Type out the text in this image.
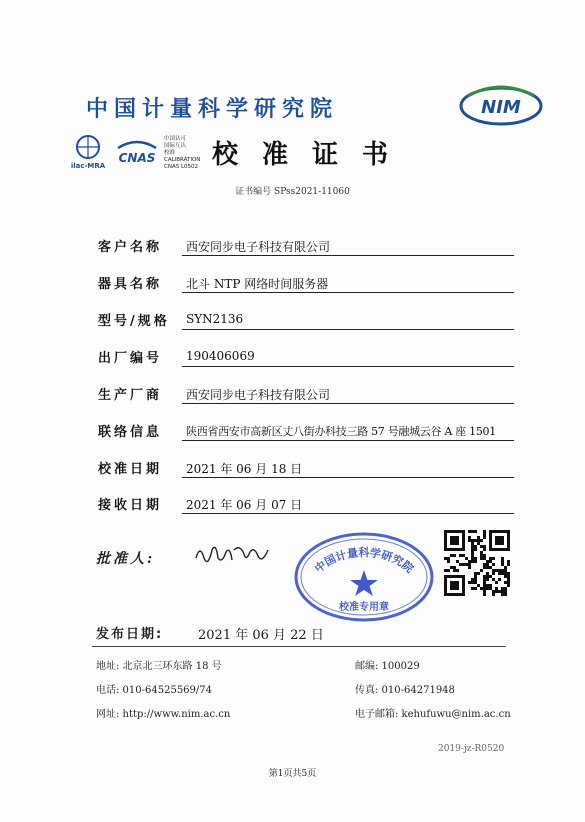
中国计量科学研究院	NIM
ilac-MRA
CNAS
中国认可
国际互认
校准
CALIBRATION
CNAS L0502 校准证书
证书编号 SPss2021-11060
客户名称 西安同步电子科技有限公司
器具名称 北斗 NTP 网络时间服务器
型号/规格 SYN2136
出厂编号 190406069
生产厂商 西安同步电子科技有限公司
联络信息 陕西省西安市高新区丈八街办科技三路 57 号融城云谷 A 座 1501
校准日期 2021 年 06 月 18 日
接收日期 2021 年 06 月 07 日
批准人:	中国计量科学研究院
校准专用章
发布日期:	2021 年 06 月 22 日
地址: 北京北三环东路 18 号	邮编: 100029
电话: 010-64525569/74	传真: 010-64271948
网址: http://www.nim.ac.cn	电子邮箱: kehufuwu@nim.ac.cn
2019-jz-R0520
第1页共5页
